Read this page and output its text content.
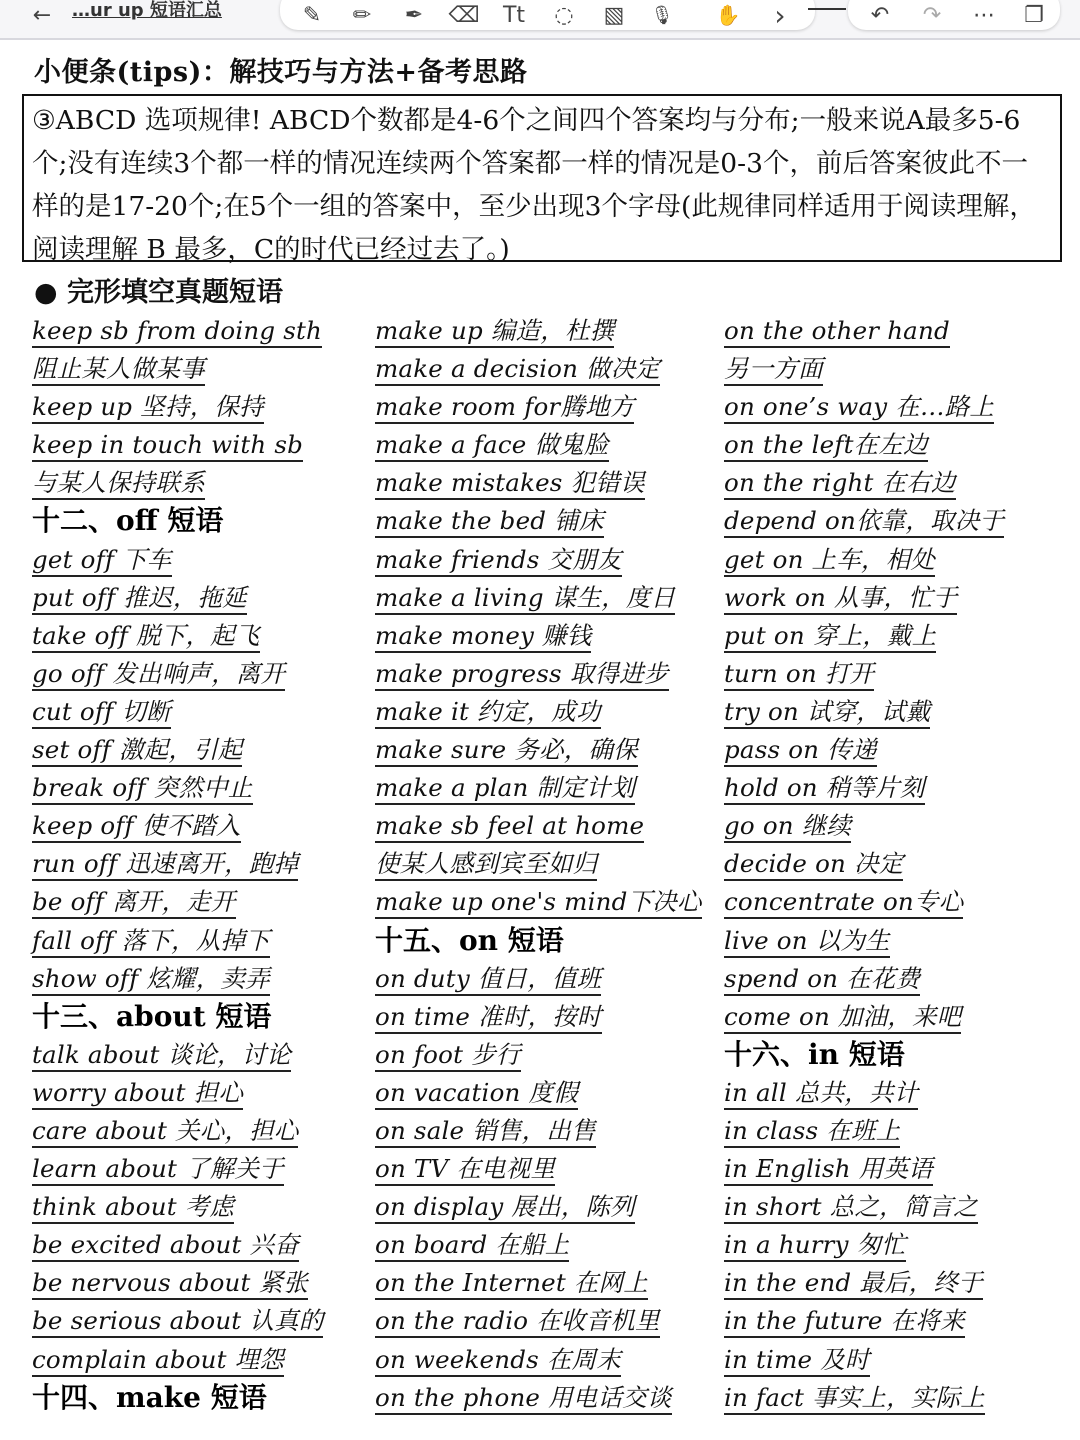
←	…ur up 短语汇总	✎	✏	✒	⌫	Tt	◌	▧	🎙	✋	›	↶	↷	⋯	❐
小便条(tips)：解技巧与方法+备考思路
③ABCD 选项规律! ABCD个数都是4-6个之间四个答案均与分布;一般来说A最多5-6个;没有连续3个都一样的情况连续两个答案都一样的情况是0-3个，前后答案彼此不一样的是17-20个;在5个一组的答案中，至少出现3个字母(此规律同样适用于阅读理解，阅读理解 B 最多，C的时代已经过去了。)
● 完形填空真题短语
keep sb from doing sth
阻止某人做某事
keep up 坚持，保持
keep in touch with sb
与某人保持联系
十二、off 短语
get off 下车
put off 推迟，拖延
take off 脱下，起飞
go off 发出响声，离开
cut off 切断
set off 激起，引起
break off 突然中止
keep off 使不踏入
run off 迅速离开，跑掉
be off 离开，走开
fall off 落下，从掉下
show off 炫耀，卖弄
十三、about 短语
talk about 谈论，讨论
worry about 担心
care about 关心，担心
learn about 了解关于
think about 考虑
be excited about 兴奋
be nervous about 紧张
be serious about 认真的
complain about 埋怨
十四、make 短语
make up 编造，杜撰
make a decision 做决定
make room for腾地方
make a face 做鬼脸
make mistakes 犯错误
make the bed 铺床
make friends 交朋友
make a living 谋生，度日
make money 赚钱
make progress 取得进步
make it 约定，成功
make sure 务必，确保
make a plan 制定计划
make sb feel at home
使某人感到宾至如归
make up one's mind下决心
十五、on 短语
on duty 值日，值班
on time 准时，按时
on foot 步行
on vacation 度假
on sale 销售，出售
on TV 在电视里
on display 展出，陈列
on board 在船上
on the Internet 在网上
on the radio 在收音机里
on weekends 在周末
on the phone 用电话交谈
on the other hand
另一方面
on one’s way 在…路上
on the left在左边
on the right 在右边
depend on依靠，取决于
get on 上车，相处
work on 从事，忙于
put on 穿上，戴上
turn on 打开
try on 试穿，试戴
pass on 传递
hold on 稍等片刻
go on 继续
decide on 决定
concentrate on专心
live on 以为生
spend on 在花费
come on 加油，来吧
十六、in 短语
in all 总共，共计
in class 在班上
in English 用英语
in short 总之，简言之
in a hurry 匆忙
in the end 最后，终于
in the future 在将来
in time 及时
in fact 事实上，实际上
